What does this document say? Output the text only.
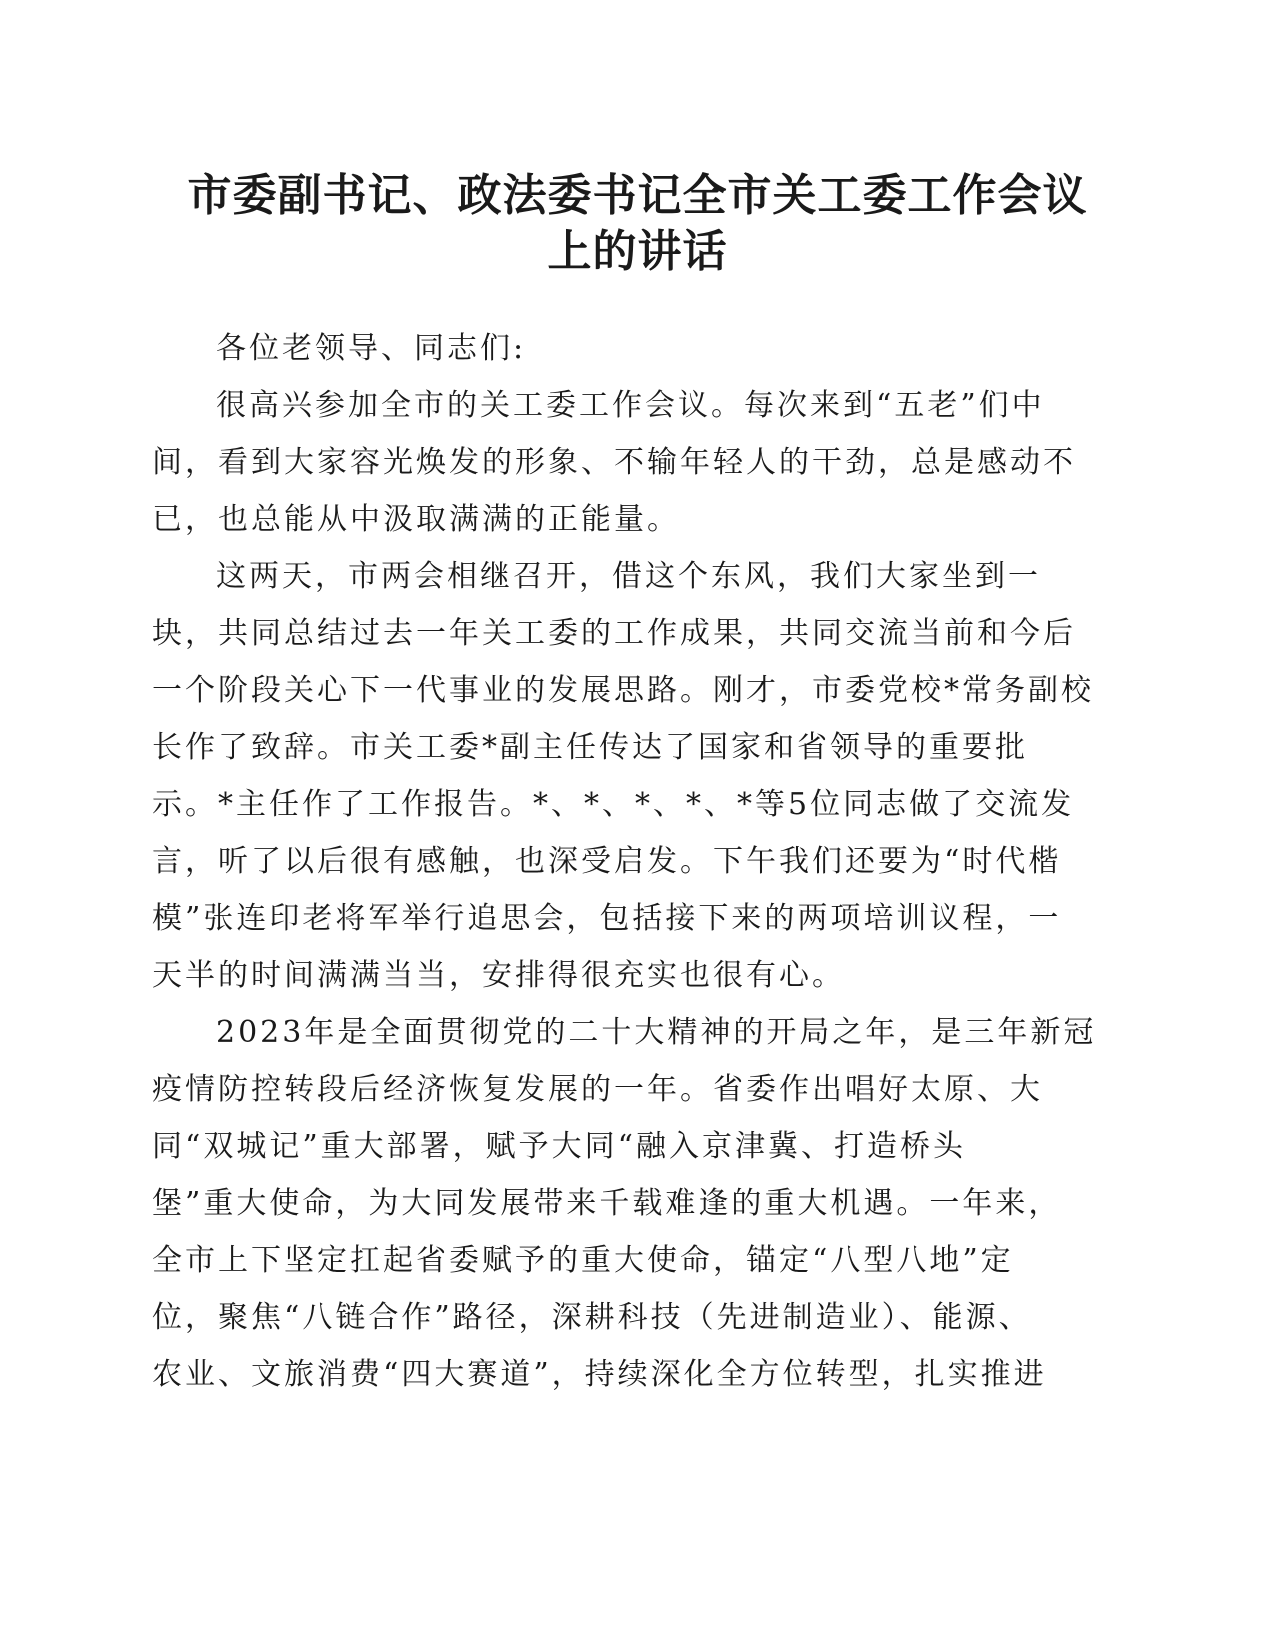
市委副书记、政法委书记全市关工委工作会议
上的讲话
各位老领导、同志们:
很高兴参加全市的关工委工作会议。每次来到“五老”们中
间，看到大家容光焕发的形象、不输年轻人的干劲，总是感动不
已，也总能从中汲取满满的正能量。
这两天，市两会相继召开，借这个东风，我们大家坐到一
块，共同总结过去一年关工委的工作成果，共同交流当前和今后
一个阶段关心下一代事业的发展思路。刚才，市委党校*常务副校
长作了致辞。市关工委*副主任传达了国家和省领导的重要批
示。*主任作了工作报告。*、*、*、*、*等5位同志做了交流发
言，听了以后很有感触，也深受启发。下午我们还要为“时代楷
模”张连印老将军举行追思会，包括接下来的两项培训议程，一
天半的时间满满当当，安排得很充实也很有心。
2023年是全面贯彻党的二十大精神的开局之年，是三年新冠
疫情防控转段后经济恢复发展的一年。省委作出唱好太原、大
同“双城记”重大部署，赋予大同“融入京津冀、打造桥头
堡”重大使命，为大同发展带来千载难逢的重大机遇。一年来，
全市上下坚定扛起省委赋予的重大使命，锚定“八型八地”定
位，聚焦“八链合作”路径，深耕科技（先进制造业）、能源、
农业、文旅消费“四大赛道”，持续深化全方位转型，扎实推进
